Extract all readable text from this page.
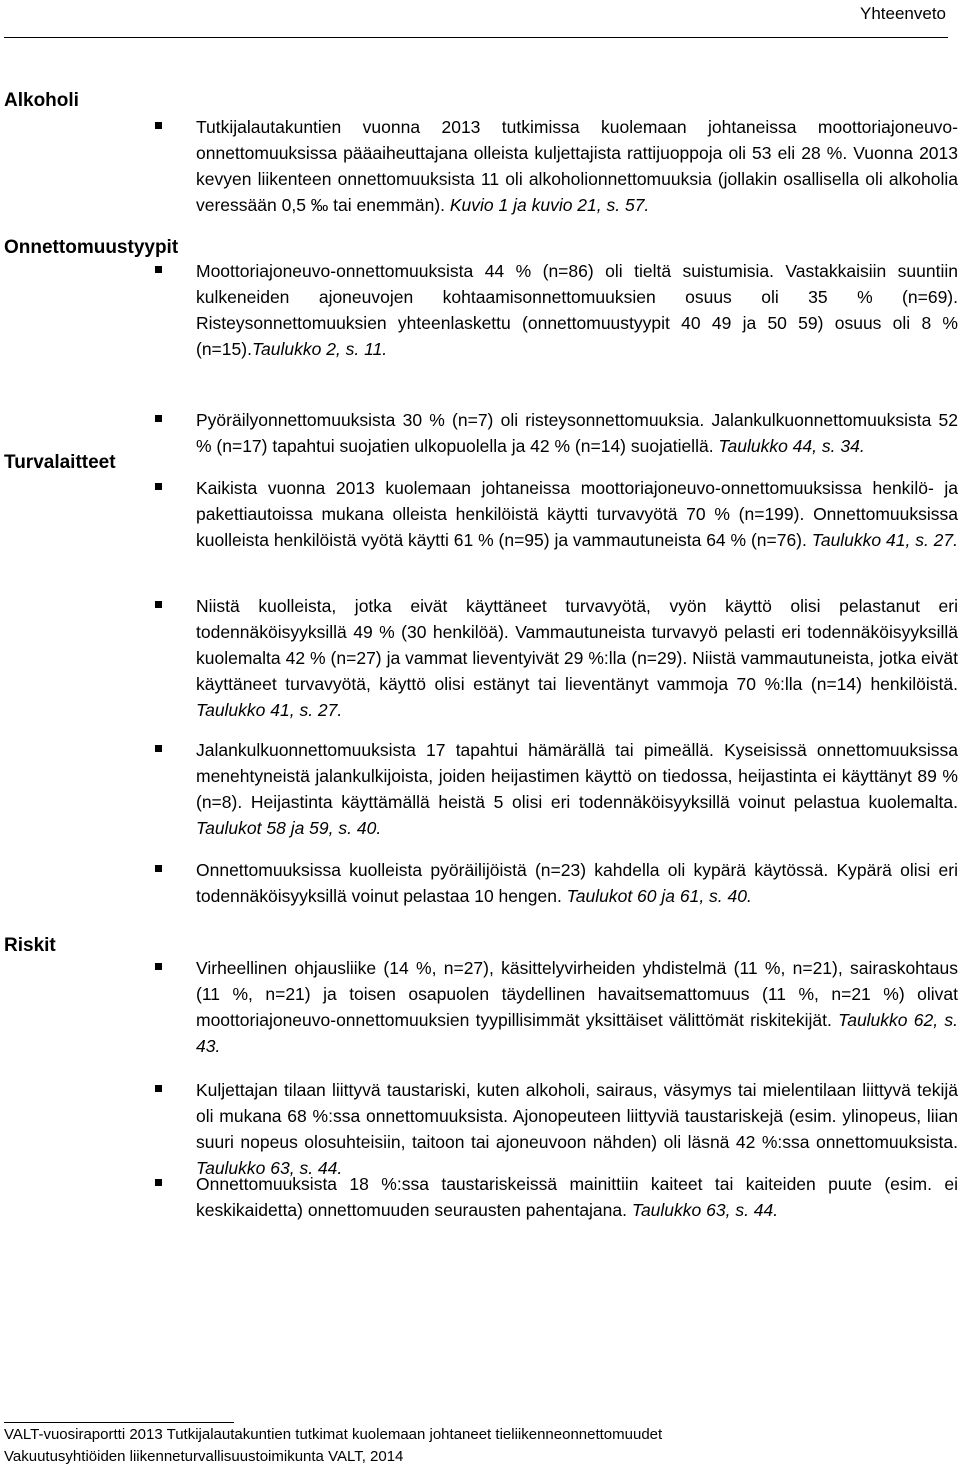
Yhteenveto
Alkoholi
Tutkijalautakuntien vuonna 2013 tutkimissa kuolemaan johtaneissa moottoriajoneuvo-onnettomuuksissa pääaiheuttajana olleista kuljettajista rattijuoppoja oli 53 eli 28 %. Vuonna 2013 kevyen liikenteen onnettomuuksista 11 oli alkoholionnettomuuksia (jollakin osallisella oli alkoholia veressään 0,5 ‰ tai enemmän). Kuvio 1 ja kuvio 21, s. 57.
Onnettomuustyypit
Moottoriajoneuvo-onnettomuuksista 44 % (n=86) oli tieltä suistumisia. Vastakkaisiin suuntiin kulkeneiden ajoneuvojen kohtaamisonnettomuuksien osuus oli 35 % (n=69). Risteysonnettomuuksien yhteenlaskettu (onnettomuustyypit 40 49 ja 50 59) osuus oli 8 % (n=15).Taulukko 2, s. 11.
Pyöräilyonnettomuuksista 30 % (n=7) oli risteysonnettomuuksia. Jalankulkuonnettomuuksista 52 % (n=17) tapahtui suojatien ulkopuolella ja 42 % (n=14) suojatiellä. Taulukko 44, s. 34.
Turvalaitteet
Kaikista vuonna 2013 kuolemaan johtaneissa moottoriajoneuvo-onnettomuuksissa henkilö- ja pakettiautoissa mukana olleista henkilöistä käytti turvavyötä 70 % (n=199). Onnettomuuksissa kuolleista henkilöistä vyötä käytti 61 % (n=95) ja vammautuneista 64 % (n=76). Taulukko 41, s. 27.
Niistä kuolleista, jotka eivät käyttäneet turvavyötä, vyön käyttö olisi pelastanut eri todennäköisyyksillä 49 % (30 henkilöä). Vammautuneista turvavyö pelasti eri todennäköisyyksillä kuolemalta 42 % (n=27) ja vammat lieventyivät 29 %:lla (n=29). Niistä vammautuneista, jotka eivät käyttäneet turvavyötä, käyttö olisi estänyt tai lieventänyt vammoja 70 %:lla (n=14) henkilöistä. Taulukko 41, s. 27.
Jalankulkuonnettomuuksista 17 tapahtui hämärällä tai pimeällä. Kyseisissä onnettomuuksissa menehtyneistä jalankulkijoista, joiden heijastimen käyttö on tiedossa, heijastinta ei käyttänyt 89 % (n=8). Heijastinta käyttämällä heistä 5 olisi eri todennäköisyyksillä voinut pelastua kuolemalta. Taulukot 58 ja 59, s. 40.
Onnettomuuksissa kuolleista pyöräilijöistä (n=23) kahdella oli kypärä käytössä. Kypärä olisi eri todennäköisyyksillä voinut pelastaa 10 hengen. Taulukot 60 ja 61, s. 40.
Riskit
Virheellinen ohjausliike (14 %, n=27), käsittelyvirheiden yhdistelmä (11 %, n=21), sairaskohtaus (11 %, n=21) ja toisen osapuolen täydellinen havaitsemattomuus (11 %, n=21 %) olivat moottoriajoneuvo-onnettomuuksien tyypillisimmät yksittäiset välittömät riskitekijät. Taulukko 62, s. 43.
Kuljettajan tilaan liittyvä taustariski, kuten alkoholi, sairaus, väsymys tai mielentilaan liittyvä tekijä oli mukana 68 %:ssa onnettomuuksista. Ajonopeuteen liittyviä taustariskejä (esim. ylinopeus, liian suuri nopeus olosuhteisiin, taitoon tai ajoneuvoon nähden) oli läsnä 42 %:ssa onnettomuuksista. Taulukko 63, s. 44.
Onnettomuuksista 18 %:ssa taustariskeissä mainittiin kaiteet tai kaiteiden puute (esim. ei keskikaidetta) onnettomuuden seurausten pahentajana. Taulukko 63, s. 44.
VALT-vuosiraportti 2013 Tutkijalautakuntien tutkimat kuolemaan johtaneet tieliikenneonnettomuudet
Vakuutusyhtiöiden liikenneturvallisuustoimikunta VALT, 2014
